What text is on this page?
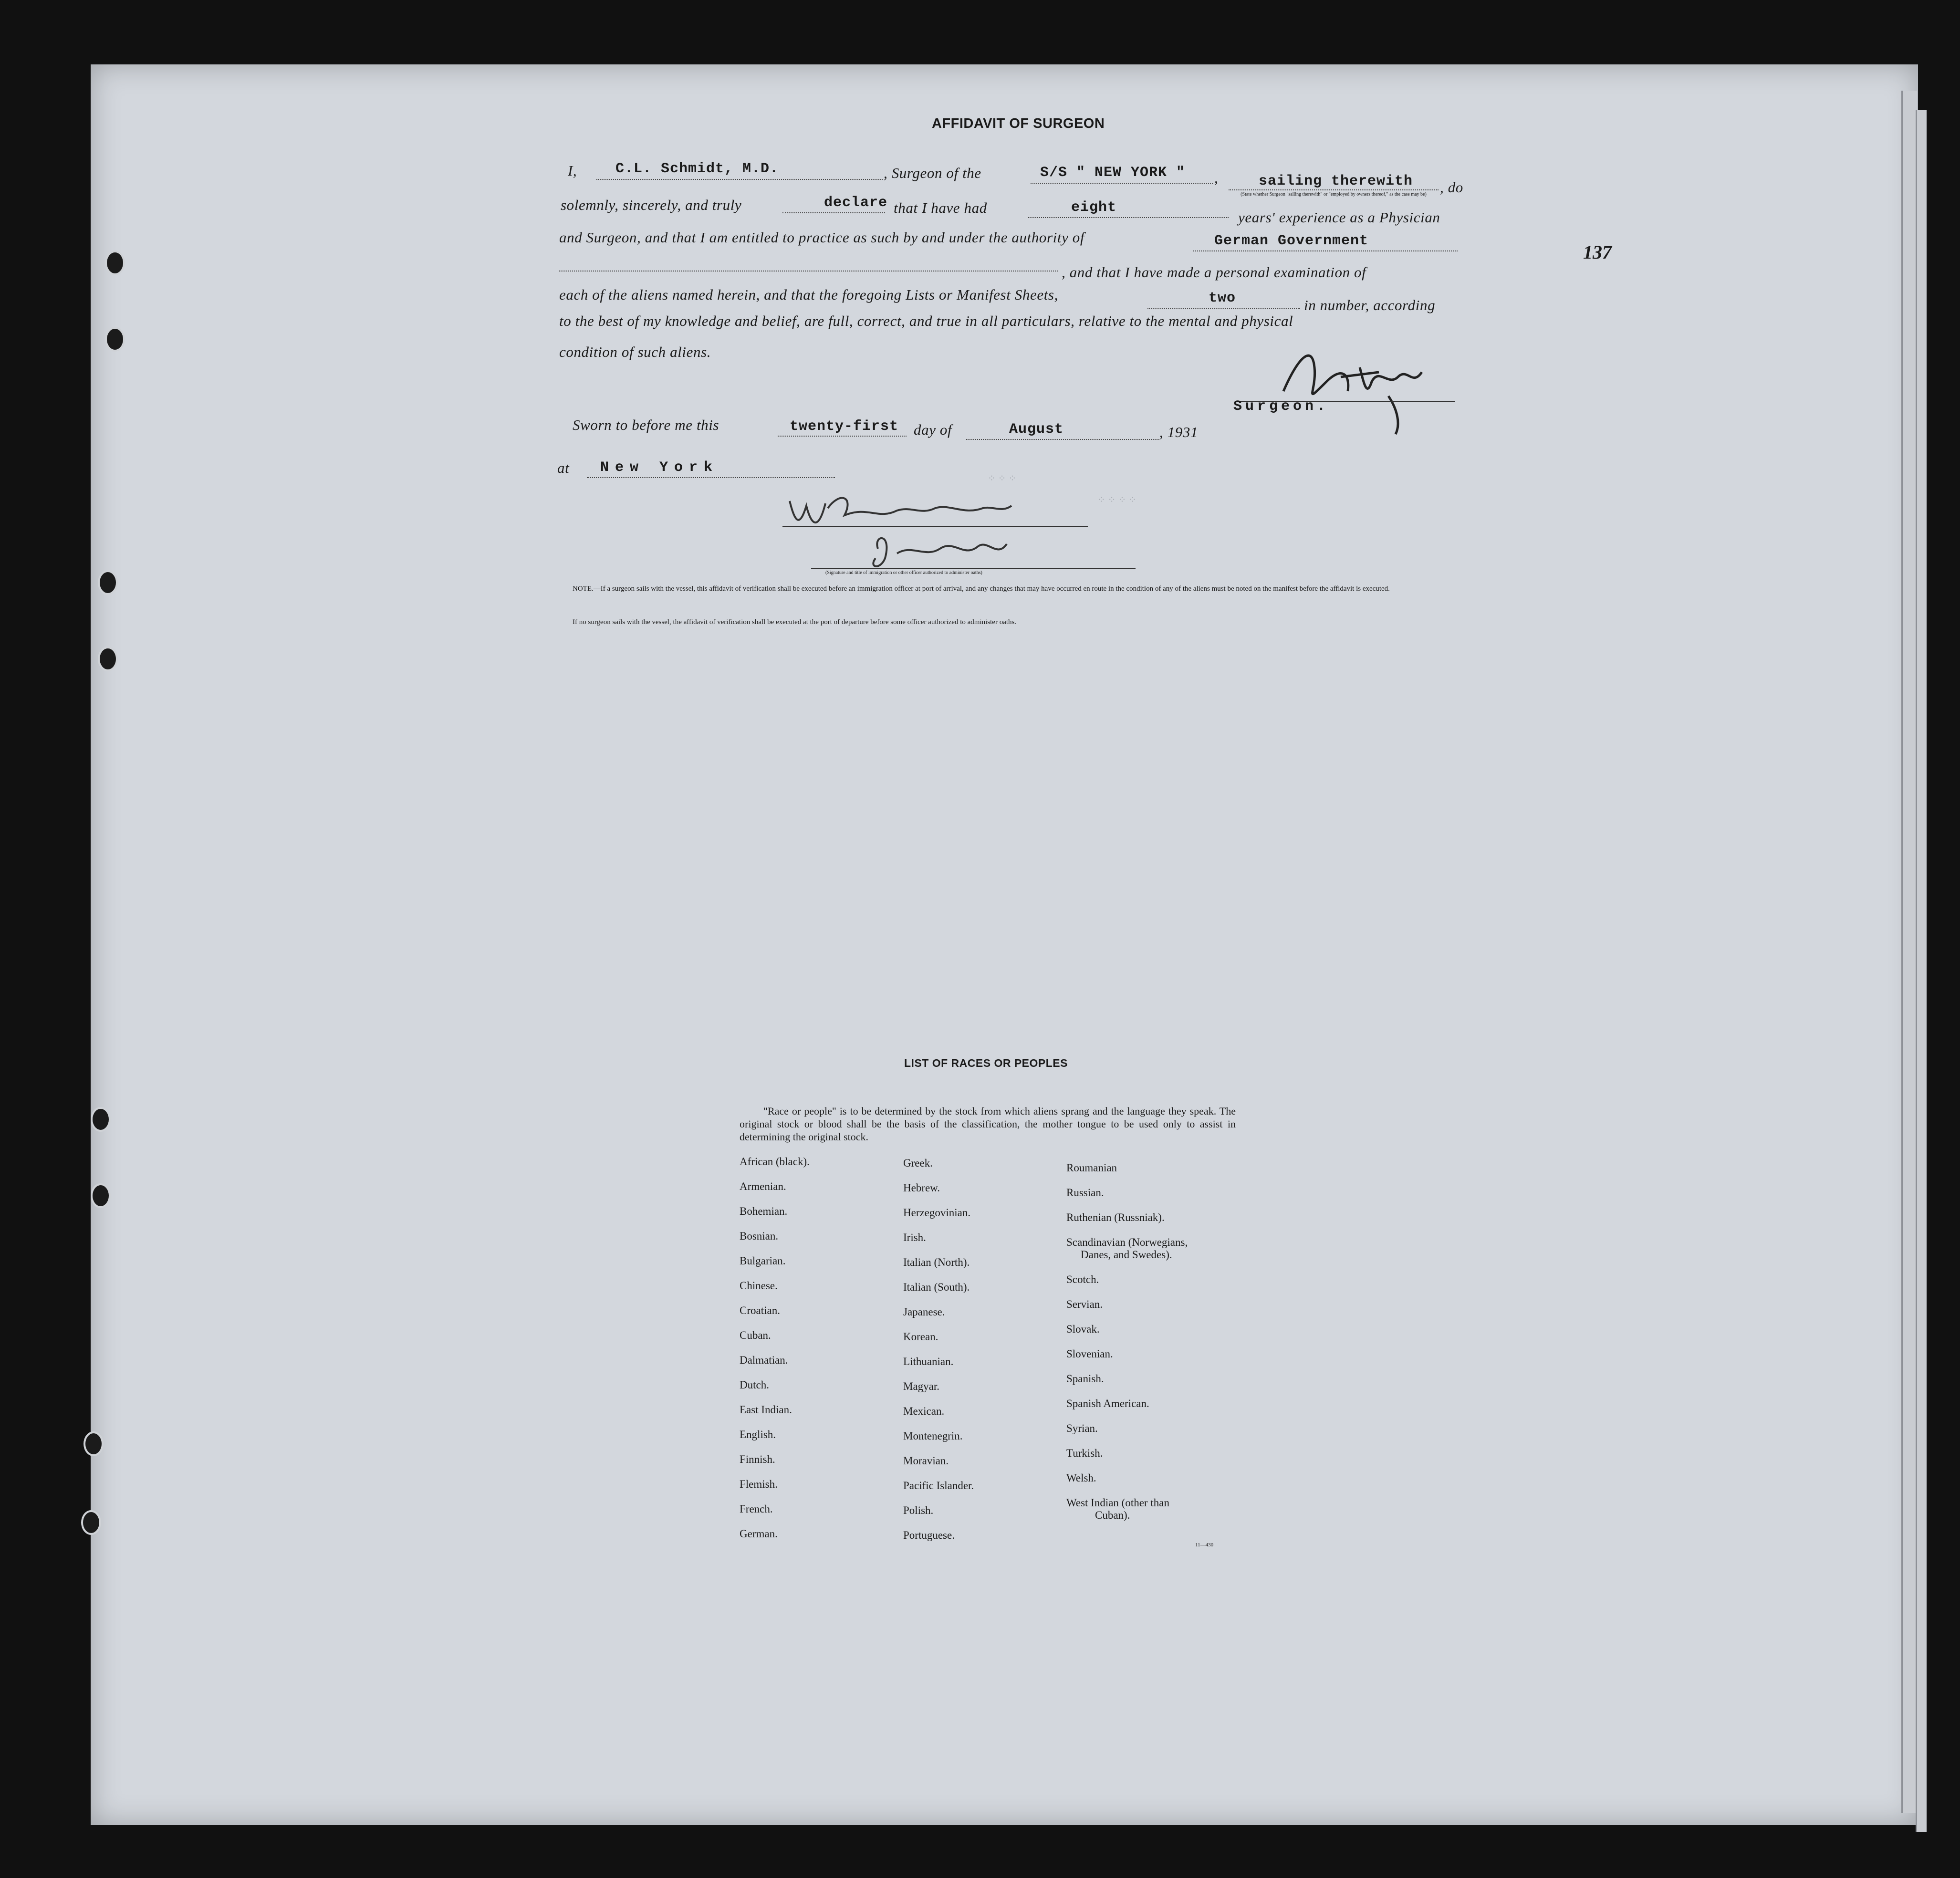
137
AFFIDAVIT OF SURGEON
I,	C.L. Schmidt, M.D.	, Surgeon of the	S/S " NEW YORK " ,	sailing therewith
(State whether Surgeon "sailing therewith" or "employed by owners thereof," as the case may be) , do
solemnly, sincerely, and truly	declare that I have had	eight
years' experience as a Physician
and Surgeon, and that I am entitled to practice as such by and under the authority of	German Government
, and that I have made a personal examination of
each of the aliens named herein, and that the foregoing Lists or Manifest Sheets,	two	in number, according
to the best of my knowledge and belief, are full, correct, and true in all particulars, relative to the mental and physical
condition of such aliens.
Surgeon.
Sworn to before me this	twenty-first day of	August	, 1931
at New York
⁘ ⁘ ⁘
⁘ ⁘ ⁘ ⁘
(Signature and title of immigration or other officer authorized to administer oaths)
NOTE.—If a surgeon sails with the vessel, this affidavit of verification shall be executed before an immigration officer at port of arrival, and any changes that may have occurred en route in the condition of any of the aliens must be noted on the manifest before the affidavit is executed.
If no surgeon sails with the vessel, the affidavit of verification shall be executed at the port of departure before some officer authorized to administer oaths.
LIST OF RACES OR PEOPLES
"Race or people" is to be determined by the stock from which aliens sprang and the language they speak. The original stock or blood shall be the basis of the classification, the mother tongue to be used only to assist in determining the original stock.
African (black).
Armenian.
Bohemian.
Bosnian.
Bulgarian.
Chinese.
Croatian.
Cuban.
Dalmatian.
Dutch.
East Indian.
English.
Finnish.
Flemish.
French.
German.
Greek.
Hebrew.
Herzegovinian.
Irish.
Italian (North).
Italian (South).
Japanese.
Korean.
Lithuanian.
Magyar.
Mexican.
Montenegrin.
Moravian.
Pacific Islander.
Polish.
Portuguese.
Roumanian
Russian.
Ruthenian (Russniak).
Scandinavian (Norwegians,
Danes, and Swedes).
Scotch.
Servian.
Slovak.
Slovenian.
Spanish.
Spanish American.
Syrian.
Turkish.
Welsh.
West Indian (other than
Cuban).
11—430
